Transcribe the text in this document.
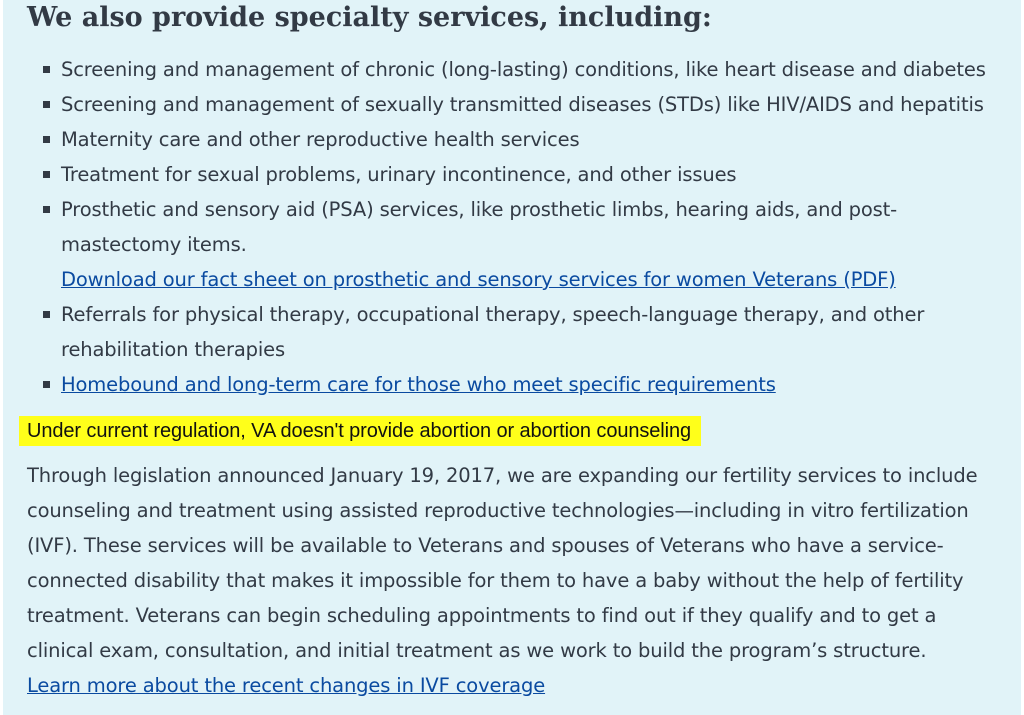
We also provide specialty services, including:
Screening and management of chronic (long-lasting) conditions, like heart disease and diabetes
Screening and management of sexually transmitted diseases (STDs) like HIV/AIDS and hepatitis
Maternity care and other reproductive health services
Treatment for sexual problems, urinary incontinence, and other issues
Prosthetic and sensory aid (PSA) services, like prosthetic limbs, hearing aids, and post-
mastectomy items.
Download our fact sheet on prosthetic and sensory services for women Veterans (PDF)
Referrals for physical therapy, occupational therapy, speech-language therapy, and other
rehabilitation therapies
Homebound and long-term care for those who meet specific requirements
Under current regulation, VA doesn't provide abortion or abortion counseling

Through legislation announced January 19, 2017, we are expanding our fertility services to include
counseling and treatment using assisted reproductive technologies—including in vitro fertilization
(IVF). These services will be available to Veterans and spouses of Veterans who have a service-
connected disability that makes it impossible for them to have a baby without the help of fertility
treatment. Veterans can begin scheduling appointments to find out if they qualify and to get a
clinical exam, consultation, and initial treatment as we work to build the program’s structure.

Learn more about the recent changes in IVF coverage
